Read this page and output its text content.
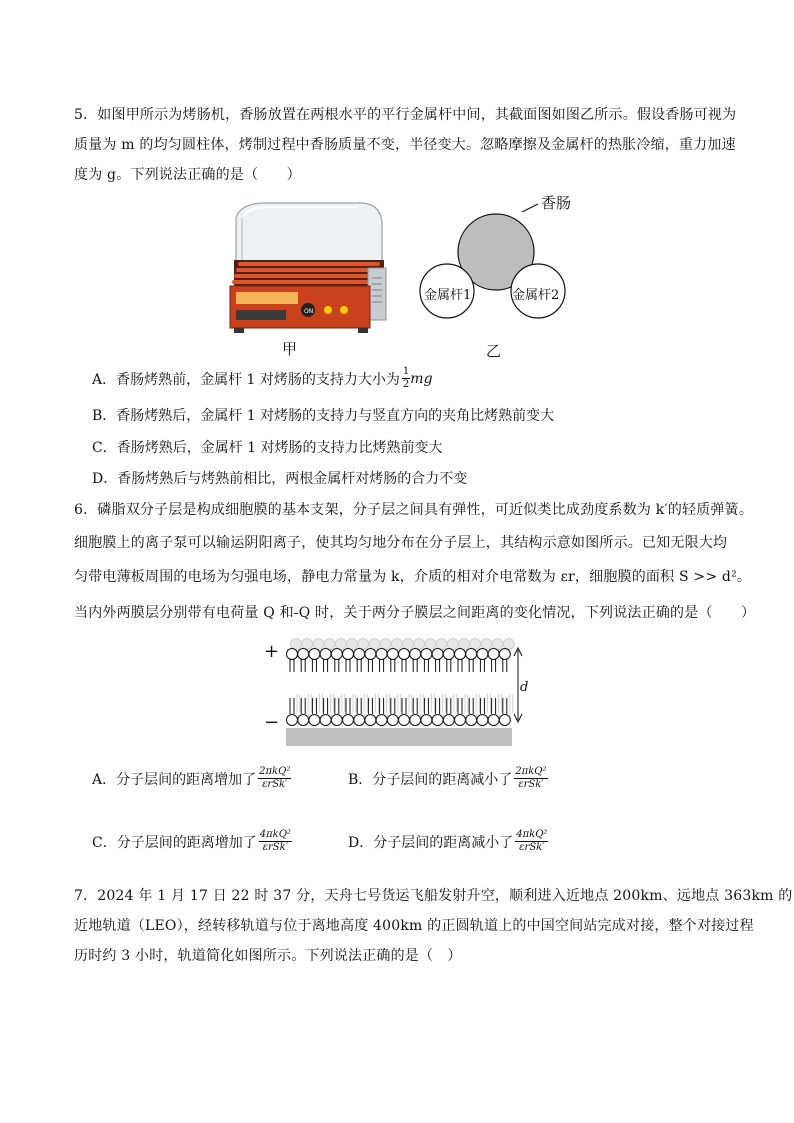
5．如图甲所示为烤肠机，香肠放置在两根水平的平行金属杆中间，其截面图如图乙所示。假设香肠可视为
质量为 m 的均匀圆柱体，烤制过程中香肠质量不变，半径变大。忽略摩擦及金属杆的热胀冷缩，重力加速
度为 g。下列说法正确的是（　　）
ON
香肠
金属杆1	金属杆2
甲	乙
A．香肠烤熟前，金属杆 1 对烤肠的支持力大小为 $\frac{1}{2}$ mg
B．香肠烤熟后，金属杆 1 对烤肠的支持力与竖直方向的夹角比烤熟前变大
C．香肠烤熟后，金属杆 1 对烤肠的支持力比烤熟前变大
D．香肠烤熟后与烤熟前相比，两根金属杆对烤肠的合力不变
6．磷脂双分子层是构成细胞膜的基本支架，分子层之间具有弹性，可近似类比成劲度系数为 k′的轻质弹簧。
细胞膜上的离子泵可以输运阴阳离子，使其均匀地分布在分子层上，其结构示意如图所示。已知无限大均
匀带电薄板周围的电场为匀强电场，静电力常量为 k，介质的相对介电常数为 εr，细胞膜的面积 S >> d²。
当内外两膜层分别带有电荷量 Q 和-Q 时，关于两分子膜层之间距离的变化情况，下列说法正确的是（　　）
+
−
d
A．分子层间的距离增加了 $\frac{\text{2πkQ²}}{\text{εrSk′}}$	B．分子层间的距离减小了 $\frac{\text{2πkQ²}}{\text{εrSk′}}$
C．分子层间的距离增加了 $\frac{\text{4πkQ²}}{\text{εrSk′}}$	D．分子层间的距离减小了 $\frac{\text{4πkQ²}}{\text{εrSk′}}$
7．2024 年 1 月 17 日 22 时 37 分，天舟七号货运飞船发射升空，顺利进入近地点 200km、远地点 363km 的
近地轨道（LEO），经转移轨道与位于离地高度 400km 的正圆轨道上的中国空间站完成对接，整个对接过程
历时约 3 小时，轨道简化如图所示。下列说法正确的是（　）
